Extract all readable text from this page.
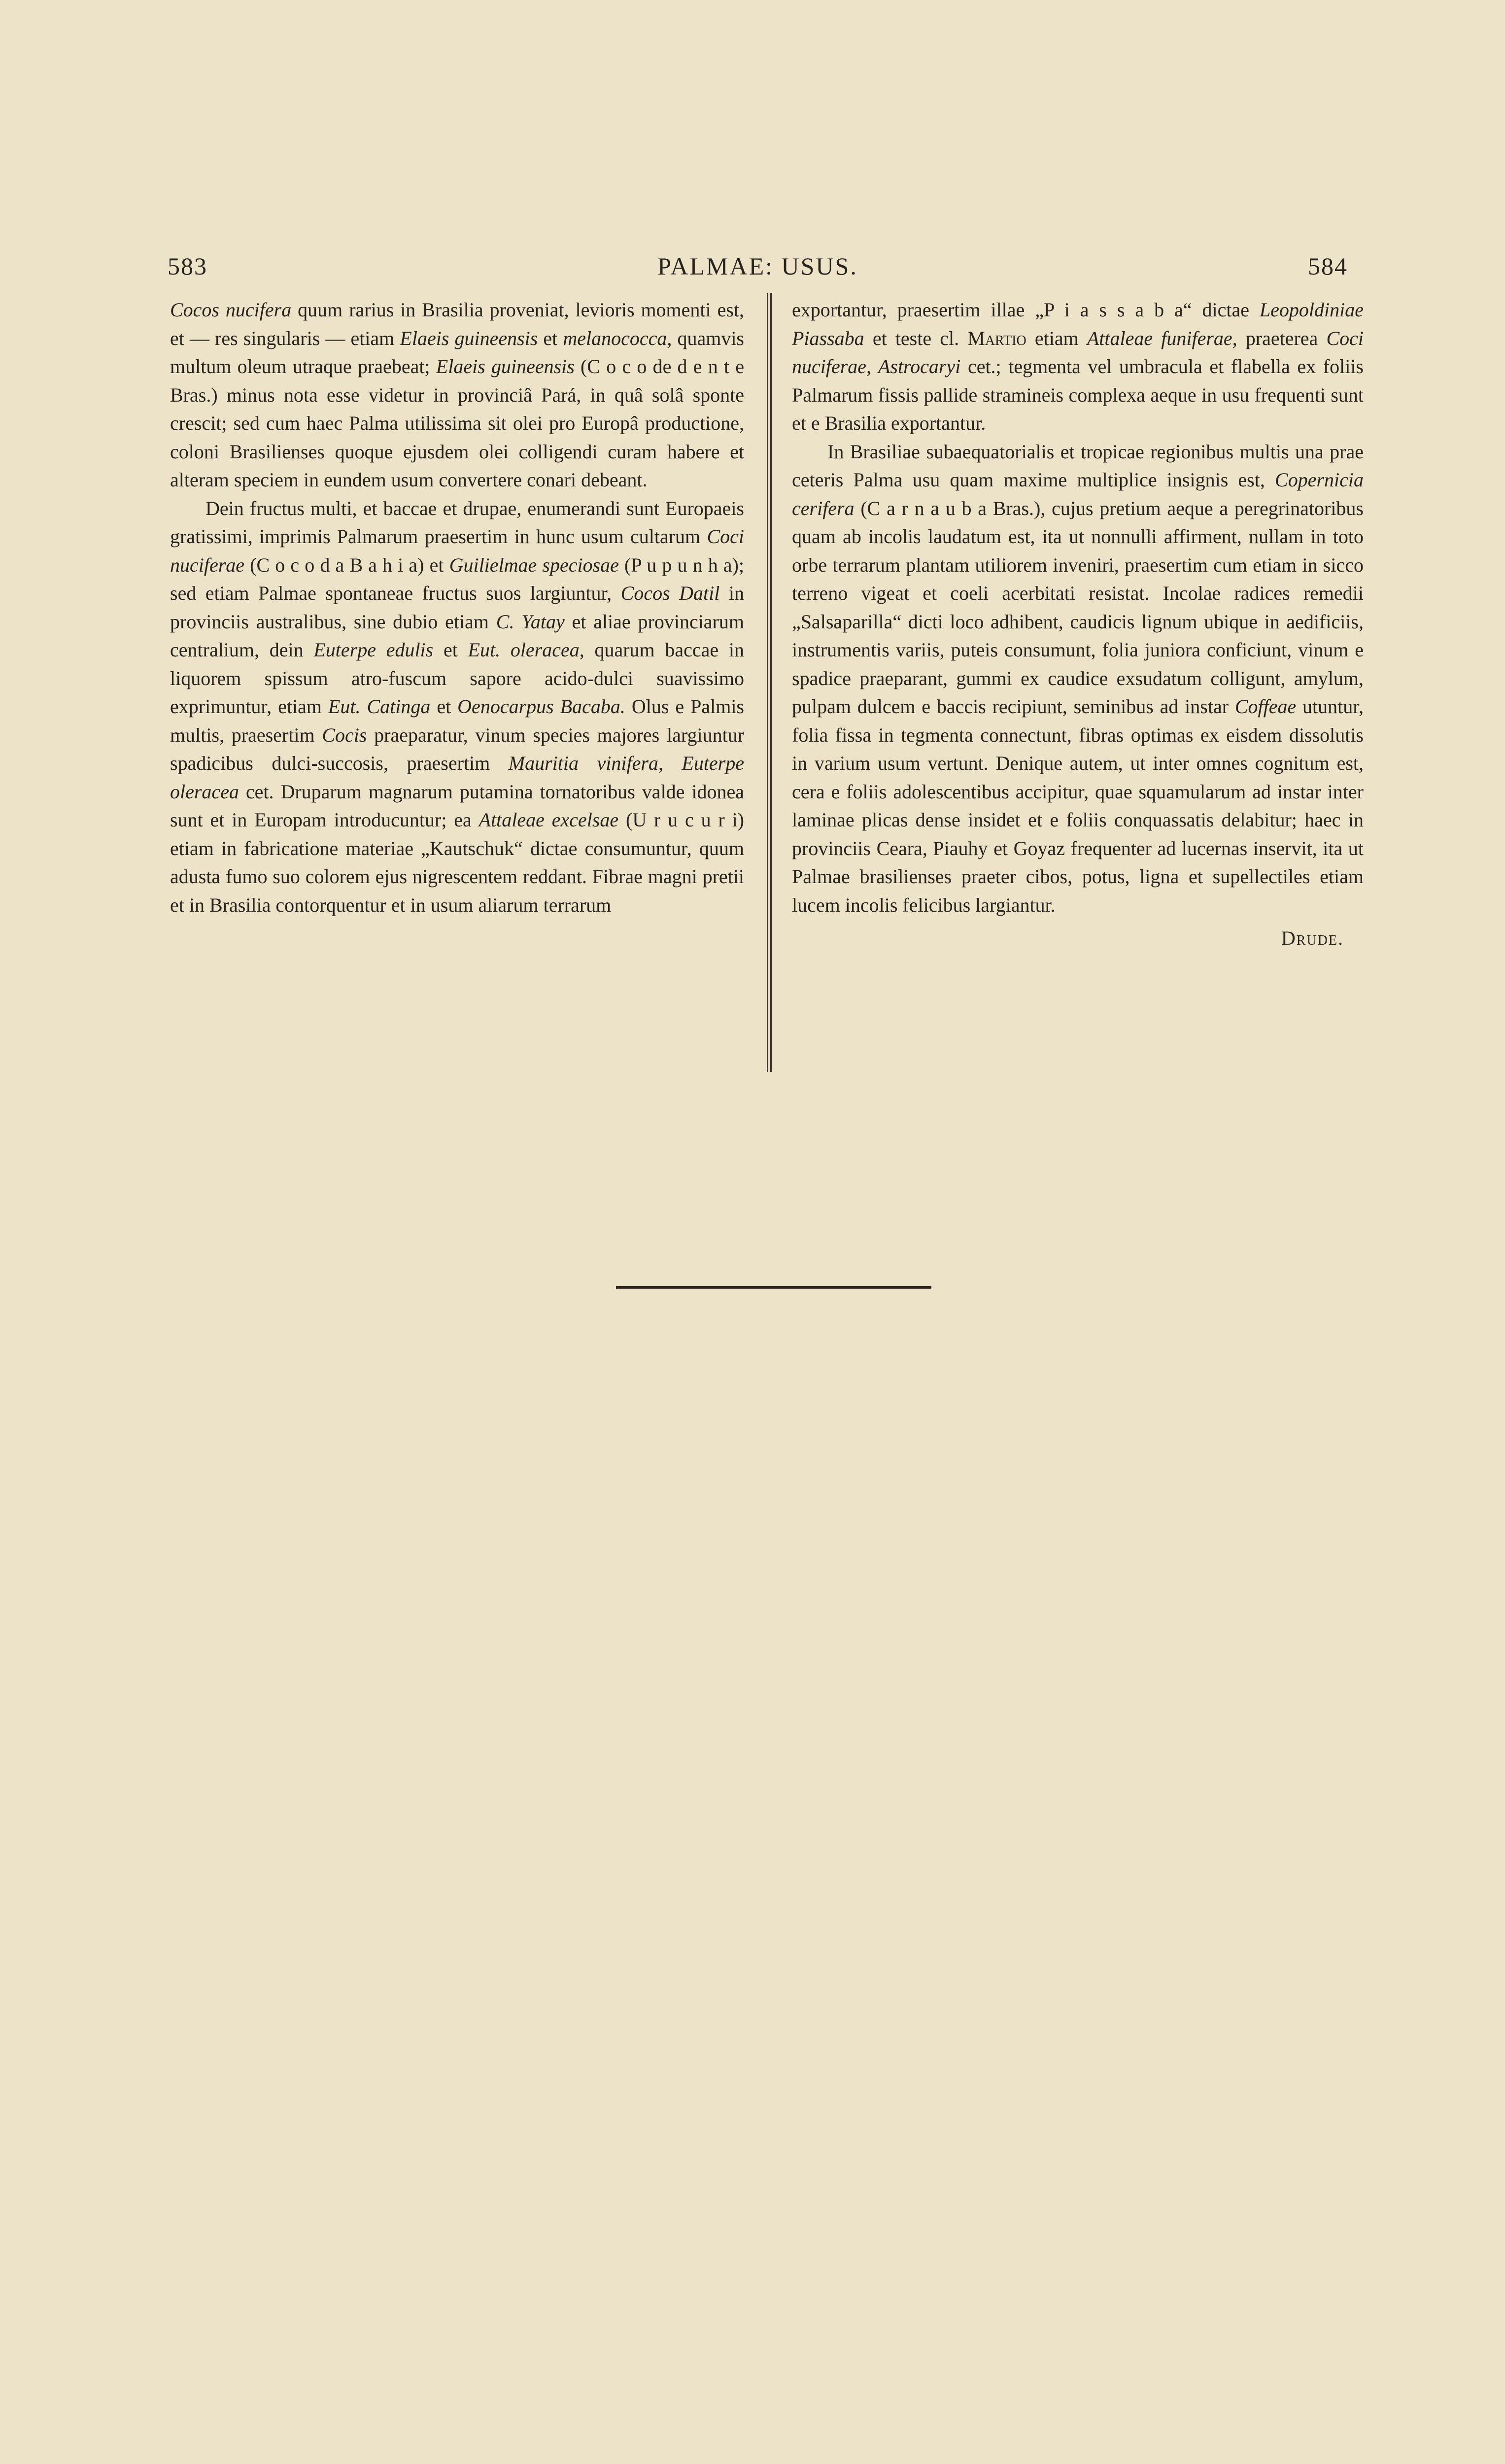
583	PALMAE: USUS.	584

Cocos nucifera quum rarius in Brasilia proveniat, levioris momenti est, et — res singularis — etiam Elaeis guineensis et melanococca, quamvis multum oleum utraque praebeat; Elaeis guineensis (C o c o de d e n t e Bras.) minus nota esse videtur in provinciâ Pará, in quâ solâ sponte crescit; sed cum haec Palma utilissima sit olei pro Europâ productione, coloni Brasilienses quoque ejusdem olei colligendi curam habere et alteram speciem in eundem usum convertere conari debeant.

Dein fructus multi, et baccae et drupae, enumerandi sunt Europaeis gratissimi, imprimis Palmarum praesertim in hunc usum cultarum Coci nuciferae (C o c o d a B a h i a) et Guilielmae speciosae (P u p u n h a); sed etiam Palmae spontaneae fructus suos largiuntur, Cocos Datil in provinciis australibus, sine dubio etiam C. Yatay et aliae provinciarum centralium, dein Euterpe edulis et Eut. oleracea, quarum baccae in liquorem spissum atro-fuscum sapore acido-dulci suavissimo exprimuntur, etiam Eut. Catinga et Oenocarpus Bacaba. Olus e Palmis multis, praesertim Cocis praeparatur, vinum species majores largiuntur spadicibus dulci-succosis, praesertim Mauritia vinifera, Euterpe oleracea cet. Druparum magnarum putamina tornatoribus valde idonea sunt et in Europam introducuntur; ea Attaleae excelsae (U r u c u r i) etiam in fabricatione materiae „Kautschuk“ dictae consumuntur, quum adusta fumo suo colorem ejus nigrescentem reddant. Fibrae magni pretii et in Brasilia contorquentur et in usum aliarum terrarum

exportantur, praesertim illae „P i a s s a b a“ dictae Leopoldiniae Piassaba et teste cl. Martio etiam Attaleae funiferae, praeterea Coci nuciferae, Astrocaryi cet.; tegmenta vel umbracula et flabella ex foliis Palmarum fissis pallide stramineis complexa aeque in usu frequenti sunt et e Brasilia exportantur.

In Brasiliae subaequatorialis et tropicae regionibus multis una prae ceteris Palma usu quam maxime multiplice insignis est, Copernicia cerifera (C a r n a u b a Bras.), cujus pretium aeque a peregrinatoribus quam ab incolis laudatum est, ita ut nonnulli affirment, nullam in toto orbe terrarum plantam utiliorem inveniri, praesertim cum etiam in sicco terreno vigeat et coeli acerbitati resistat. Incolae radices remedii „Salsaparilla“ dicti loco adhibent, caudicis lignum ubique in aedificiis, instrumentis variis, puteis consumunt, folia juniora conficiunt, vinum e spadice praeparant, gummi ex caudice exsudatum colligunt, amylum, pulpam dulcem e baccis recipiunt, seminibus ad instar Coffeae utuntur, folia fissa in tegmenta connectunt, fibras optimas ex eisdem dissolutis in varium usum vertunt. Denique autem, ut inter omnes cognitum est, cera e foliis adolescentibus accipitur, quae squamularum ad instar inter laminae plicas dense insidet et e foliis conquassatis delabitur; haec in provinciis Ceara, Piauhy et Goyaz frequenter ad lucernas inservit, ita ut Palmae brasilienses praeter cibos, potus, ligna et supellectiles etiam lucem incolis felicibus largiantur.

Drude.
